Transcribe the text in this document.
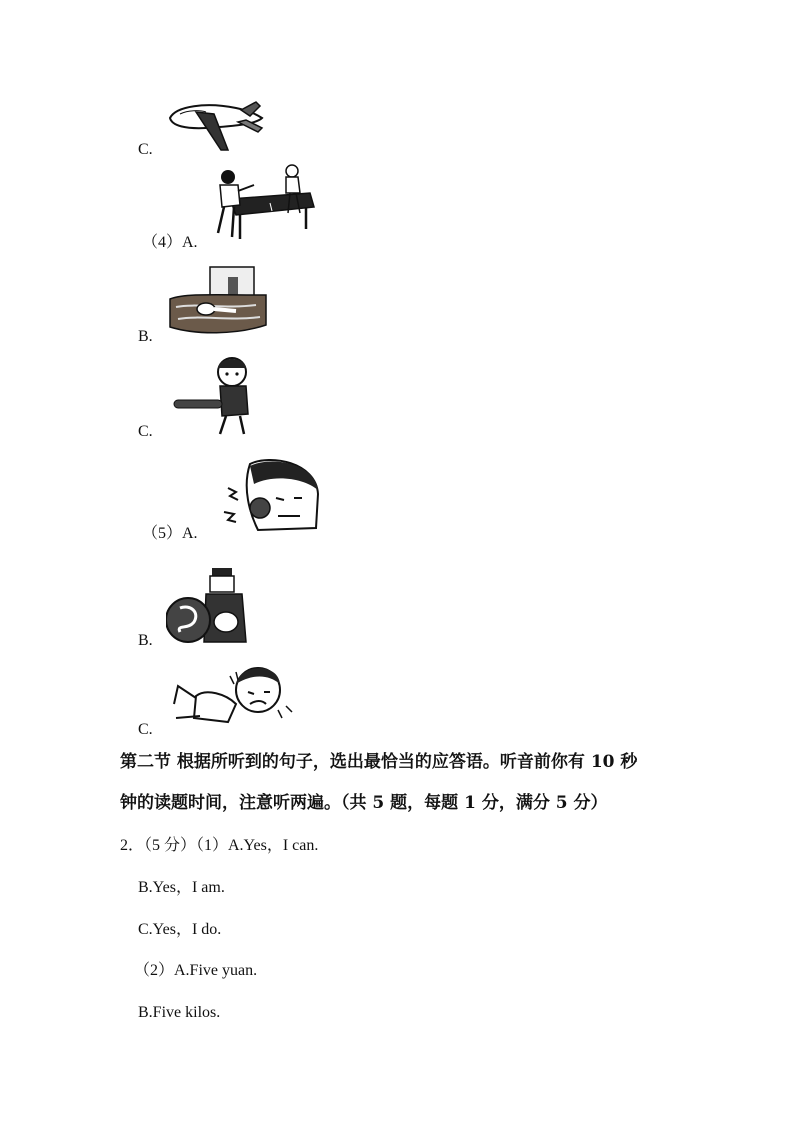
C.
（4）A.
B.
C.
（5）A.
B.
C.
第二节 根据所听到的句子，选出最恰当的应答语。听音前你有 10 秒
钟的读题时间，注意听两遍。（共 5 题，每题 1 分，满分 5 分）
2．（5 分）（1）A.Yes，I can.
B.Yes，I am.
C.Yes，I do.
（2）A.Five yuan.
B.Five kilos.
